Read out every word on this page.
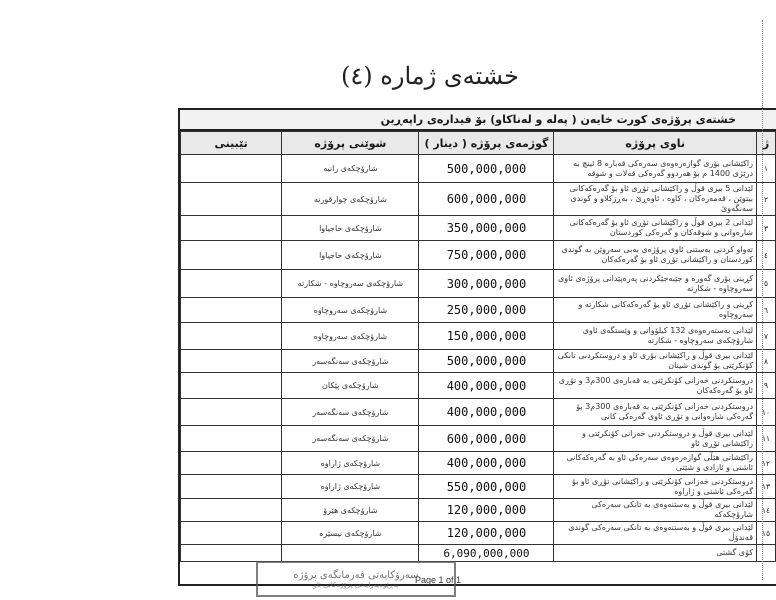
خشتەی ژمارە (٤)
خشتەی پرۆژەی کورت خایەن ( پەلە و لەناکاو) بۆ فیدارەی راپەڕین
ژ	ناوی پرۆژە	گوژمەی پرۆژە ( دینار )	شوێنی پرۆژە	تێبینی
١	راکێشانی بۆری گوازەرەوەی سەرەکی قەبارە 8 ئینچ به درێژی 1400 م بۆ هەردوو گەرەکی قەلات و شوقە	500,000,000	شارۆچکەی رانیە	
٢	لێدانی 5 بیری قوڵ و راکێشانی تۆڕی ئاو بۆ گەرەکەکانی بیتوێن ، قەمەرەکان ، کاوە ، ئاوەڕێ ، بەڕزکلاو و کوندی سەنگەوێ	600,000,000	شارۆچکەی چوارقورنە	
٣	لێدانی 2 بیری قوڵ و راکێشانی تۆڕی ئاو بۆ گەرەکەکانی شارەوانی و شوقەکان و گەرەکی کوردستان	350,000,000	شارۆچکەی حاجیاوا	
٤	تەواو کردنی بەستنی ئاوی پرۆژەی بەبی سەروێن بە گوندی کوردستان و راکێشانی تۆڕی ئاو بۆ گەرەکەکان	750,000,000	شارۆچکەی حاجیاوا	
٥	کڕینی بۆری گەورە و جێبەجێکردنی پەرەپێدانی پرۆژەی ئاوی سەروچاوە - شکارتە	300,000,000	شارۆچکەی سەروچاوە - شکارتە	
٦	کڕینی و راکێشانی تۆڕی ئاو بۆ گەرەکەکانی شکارتە و سەروچاوە	250,000,000	شارۆچکەی سەروچاوە	
٧	لێدانی بەستەرەوەی 132 کیلۆواتی و وێستگەی ئاوی شارۆچکەی سەروچاوە - شکارتە	150,000,000	شارۆچکەی سەروچاوە	
٨	لێدانی بیری قوڵ و راکێشانی بۆری ئاو و دروستکردنی تانکی کۆنکرێتی بۆ گوندی شینان	500,000,000	شارۆچکەی سەنگەسەر	
٩	دروستکردنی خەزانی کۆنکرێتی بە قەبارەی 300م3 و تۆڕی ئاو بۆ گەرەکەکان	400,000,000	شارۆچکەی پێکان	
١٠	دروستکردنی خەزانی کۆنکرێتی بە قەبارەی 300م3 بۆ گەرەکی شارەوانی و تۆڕی ئاوی گەرەکی کانی	400,000,000	شارۆچکەی سەنگەسەر	
١١	لێدانی بیری قوڵ و دروستکردنی خەزانی کۆنکرێتی و راکێشانی تۆڕی ئاو	600,000,000	شارۆچکەی سەنگەسەر	
١٢	راکێشانی هێڵی گوازەرەوەی سەرەکی ئاو بە گەرەکەکانی ئاشتی و ئازادی و شێتی	400,000,000	شارۆچکەی ژاراوە	
١٣	دروستکردنی خەزانی کۆنکرێتی و راکێشانی تۆڕی ئاو بۆ گەرەکی ئاشتی و ژاراوە	550,000,000	شارۆچکەی ژاراوە	
١٤	لێدانی بیری قوڵ و بەستنەوەی بە تانکی سەرەکی شارۆچکەکە	120,000,000	شارۆچکەی هێرۆ	
١٥	لێدانی بیری قوڵ و بەستنەوەی بە تانکی سەرەکی گوندی قەندۆڵ	120,000,000	شارۆچکەی نیسێرە	
	کۆی گشتی	6,090,000,000		
سەرۆکایەتی فەرمانگەی پرۆژە
بەڕێوەبەرایەتی پرۆژەکانی ئاو Page 1 of 1
